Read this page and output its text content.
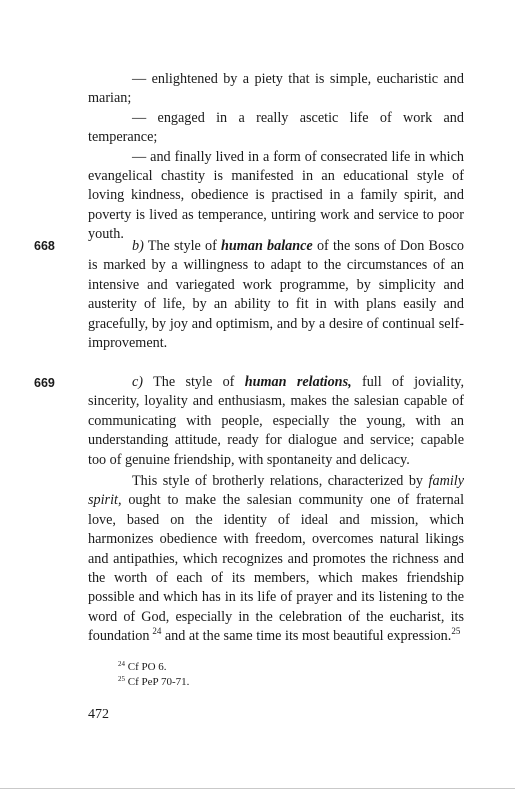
— enlightened by a piety that is simple, eucharistic and marian;

— engaged in a really ascetic life of work and temperance;

— and finally lived in a form of consecrated life in which evangelical chastity is manifested in an educational style of loving kindness, obedience is practised in a family spirit, and poverty is lived as temperance, untiring work and service to poor youth.

668	b) The style of human balance of the sons of Don Bosco is marked by a willingness to adapt to the circumstances of an intensive and variegated work programme, by simplicity and austerity of life, by an ability to fit in with plans easily and gracefully, by joy and optimism, and by a desire of continual self-improvement.

669	c) The style of human relations, full of joviality, sincerity, loyality and enthusiasm, makes the salesian capable of communicating with people, especially the young, with an understanding attitude, ready for dialogue and service; capable too of genuine friendship, with spontaneity and delicacy.

This style of brotherly relations, characterized by family spirit, ought to make the salesian community one of fraternal love, based on the identity of ideal and mission, which harmonizes obedience with freedom, overcomes natural likings and antipathies, which recognizes and promotes the richness and the worth of each of its members, which makes friendship possible and which has in its life of prayer and its listening to the word of God, especially in the celebration of the eucharist, its foundation  $^{24}$ and at the same time its most beautiful expression.$^{25}$

$^{24}$ Cf PO 6.
$^{25}$ Cf PeP 70-71.
472
